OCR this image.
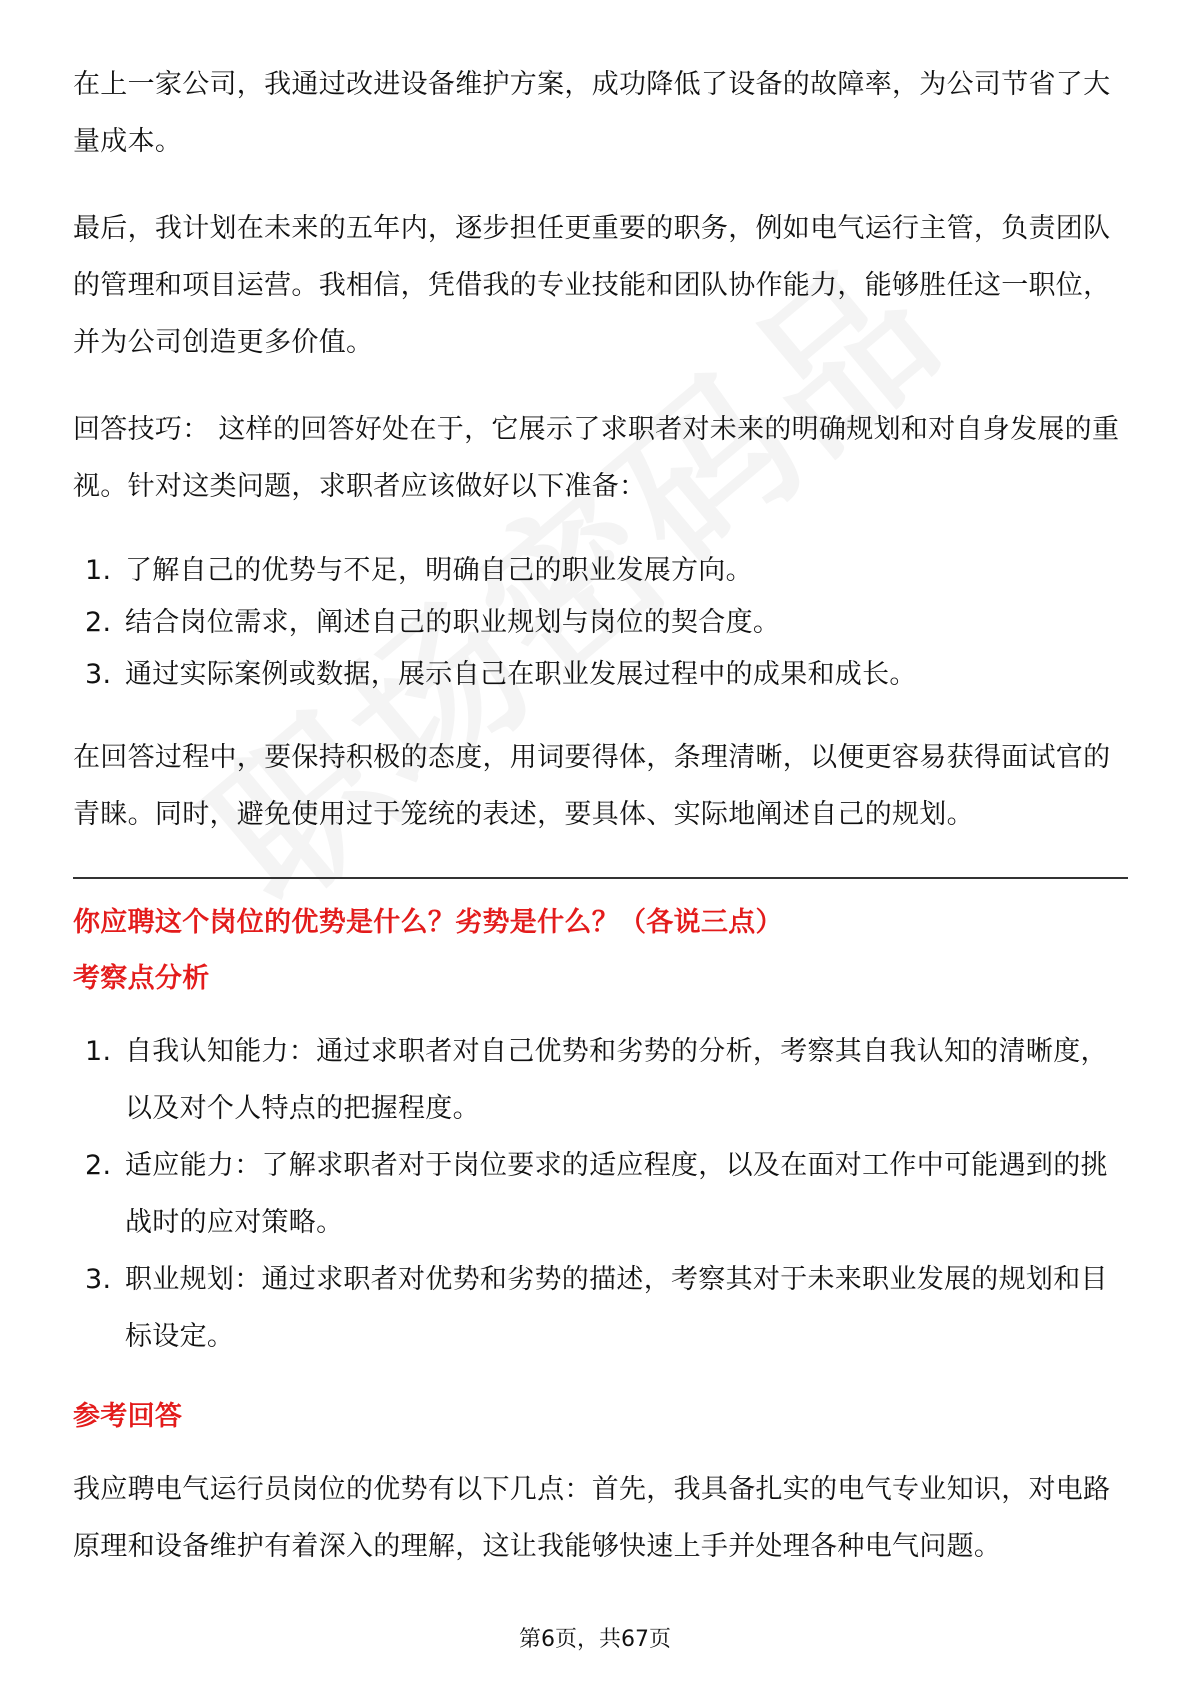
在上一家公司，我通过改进设备维护方案，成功降低了设备的故障率，为公司节省了大量成本。

最后，我计划在未来的五年内，逐步担任更重要的职务，例如电气运行主管，负责团队的管理和项目运营。我相信，凭借我的专业技能和团队协作能力，能够胜任这一职位，并为公司创造更多价值。

回答技巧： 这样的回答好处在于，它展示了求职者对未来的明确规划和对自身发展的重视。针对这类问题，求职者应该做好以下准备：

1. 了解自己的优势与不足，明确自己的职业发展方向。
2. 结合岗位需求，阐述自己的职业规划与岗位的契合度。
3. 通过实际案例或数据，展示自己在职业发展过程中的成果和成长。

在回答过程中，要保持积极的态度，用词要得体，条理清晰，以便更容易获得面试官的青睐。同时，避免使用过于笼统的表述，要具体、实际地阐述自己的规划。

你应聘这个岗位的优势是什么？劣势是什么？（各说三点）
考察点分析
1. 自我认知能力：通过求职者对自己优势和劣势的分析，考察其自我认知的清晰度，以及对个人特点的把握程度。
2. 适应能力：了解求职者对于岗位要求的适应程度，以及在面对工作中可能遇到的挑战时的应对策略。
3. 职业规划：通过求职者对优势和劣势的描述，考察其对于未来职业发展的规划和目标设定。
参考回答

我应聘电气运行员岗位的优势有以下几点：首先，我具备扎实的电气专业知识，对电路原理和设备维护有着深入的理解，这让我能够快速上手并处理各种电气问题。

第6页，共67页
